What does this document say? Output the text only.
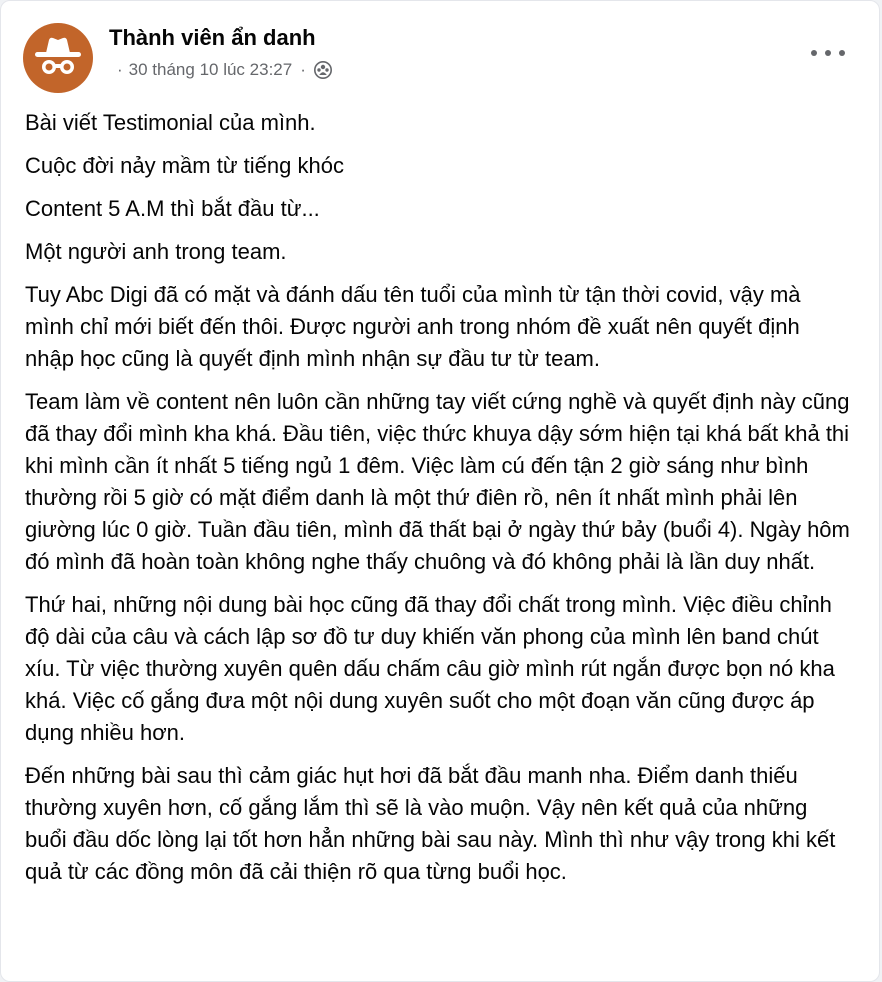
Thành viên ẩn danh
· 30 tháng 10 lúc 23:27 ·

Bài viết Testimonial của mình.

Cuộc đời nảy mầm từ tiếng khóc

Content 5 A.M thì bắt đầu từ...

Một người anh trong team.

Tuy Abc Digi đã có mặt và đánh dấu tên tuổi của mình từ tận thời covid, vậy mà mình chỉ mới biết đến thôi. Được người anh trong nhóm đề xuất nên quyết định nhập học cũng là quyết định mình nhận sự đầu tư từ team.

Team làm về content nên luôn cần những tay viết cứng nghề và quyết định này cũng đã thay đổi mình kha khá. Đầu tiên, việc thức khuya dậy sớm hiện tại khá bất khả thi khi mình cần ít nhất 5 tiếng ngủ 1 đêm. Việc làm cú đến tận 2 giờ sáng như bình thường rồi 5 giờ có mặt điểm danh là một thứ điên rồ, nên ít nhất mình phải lên giường lúc 0 giờ. Tuần đầu tiên, mình đã thất bại ở ngày thứ bảy (buổi 4). Ngày hôm đó mình đã hoàn toàn không nghe thấy chuông và đó không phải là lần duy nhất.

Thứ hai, những nội dung bài học cũng đã thay đổi chất trong mình. Việc điều chỉnh độ dài của câu và cách lập sơ đồ tư duy khiến văn phong của mình lên band chút xíu. Từ việc thường xuyên quên dấu chấm câu giờ mình rút ngắn được bọn nó kha khá. Việc cố gắng đưa một nội dung xuyên suốt cho một đoạn văn cũng được áp dụng nhiều hơn.

Đến những bài sau thì cảm giác hụt hơi đã bắt đầu manh nha. Điểm danh thiếu thường xuyên hơn, cố gắng lắm thì sẽ là vào muộn. Vậy nên kết quả của những buổi đầu dốc lòng lại tốt hơn hẳn những bài sau này. Mình thì như vậy trong khi kết quả từ các đồng môn đã cải thiện rõ qua từng buổi học.
